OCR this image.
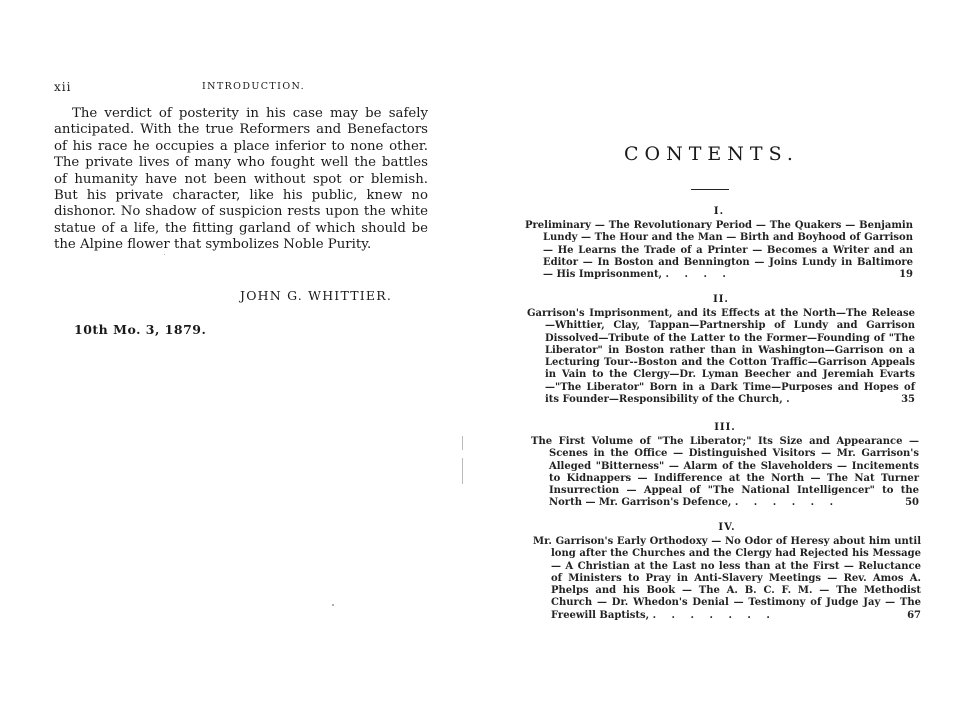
xii	INTRODUCTION.

The verdict of posterity in his case may be safely anticipated. With the true Reformers and Benefactors of his race he occupies a place inferior to none other. The private lives of many who fought well the battles of humanity have not been without spot or blemish. But his private character, like his public, knew no dishonor. No shadow of suspicion rests upon the white statue of a life, the fitting garland of which should be the Alpine flower that symbolizes Noble Purity.

JOHN G. WHITTIER.
10th Mo. 3, 1879.
CONTENTS.
I.

Preliminary — The Revolutionary Period — The Quakers — Benjamin Lundy — The Hour and the Man — Birth and Boyhood of Garrison — He Learns the Trade of a Printer — Becomes a Writer and an Editor — In Boston and Bennington — Joins Lundy in Baltimore — His Imprisonment, . . . .	19

II.

Garrison's Imprisonment, and its Effects at the North—The Release—Whittier, Clay, Tappan—Partnership of Lundy and Garrison Dissolved—Tribute of the Latter to the Former—Founding of "The Liberator" in Boston rather than in Washington—Garrison on a Lecturing Tour--Boston and the Cotton Traffic—Garrison Appeals in Vain to the Clergy—Dr. Lyman Beecher and Jeremiah Evarts—"The Liberator" Born in a Dark Time—Purposes and Hopes of its Founder—Responsibility of the Church, .	35

III.

The First Volume of "The Liberator;" Its Size and Appearance — Scenes in the Office — Distinguished Visitors — Mr. Garrison's Alleged "Bitterness" — Alarm of the Slaveholders — Incitements to Kidnappers — Indifference at the North — The Nat Turner Insurrection — Appeal of "The National Intelligencer" to the North — Mr. Garrison's Defence, . . . . . .	50

IV.

Mr. Garrison's Early Orthodoxy — No Odor of Heresy about him until long after the Churches and the Clergy had Rejected his Message — A Christian at the Last no less than at the First — Reluctance of Ministers to Pray in Anti-Slavery Meetings — Rev. Amos A. Phelps and his Book — The A. B. C. F. M. — The Methodist Church — Dr. Whedon's Denial — Testimony of Judge Jay — The Freewill Baptists, . . . . . . .	67
